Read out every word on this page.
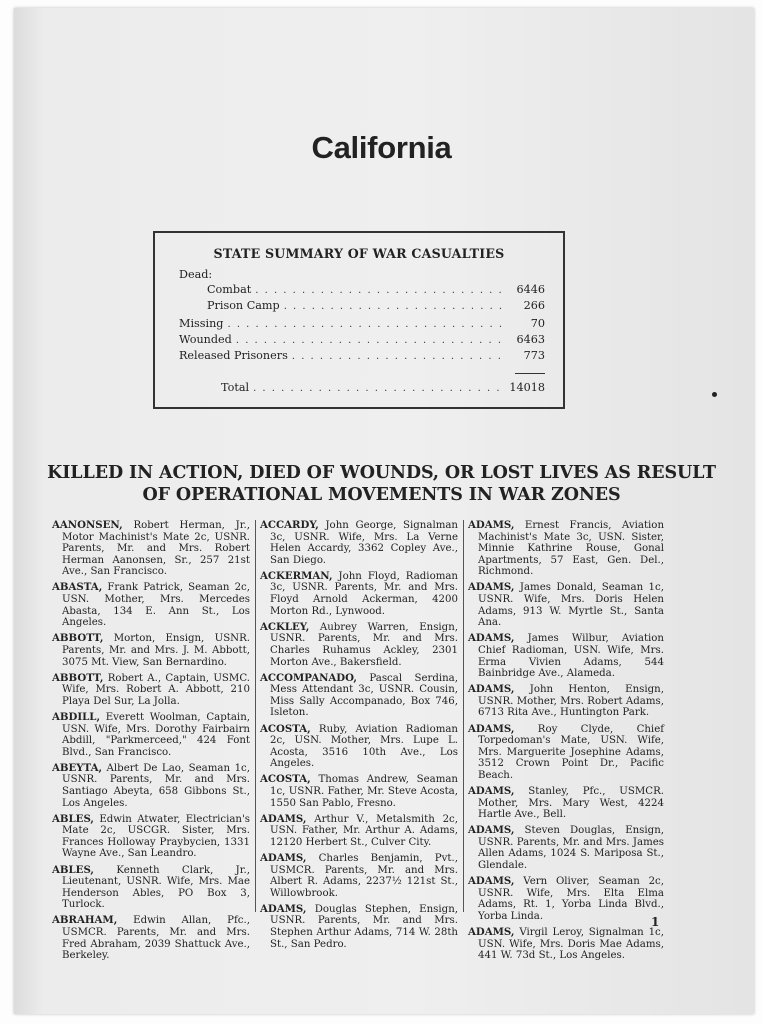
California
STATE SUMMARY OF WAR CASUALTIES
Dead:
Combat . . .	6446
Prison Camp . . .	266
Missing . . .	70
Wounded . . .	6463
Released Prisoners . . .	773
Total . . .	14018
KILLED IN ACTION, DIED OF WOUNDS, OR LOST LIVES AS RESULT
OF OPERATIONAL MOVEMENTS IN WAR ZONES
AANONSEN, Robert Herman, Jr., Motor Machinist's Mate 2c, USNR. Parents, Mr. and Mrs. Robert Herman Aanonsen, Sr., 257 21st Ave., San Francisco.
ABASTA, Frank Patrick, Seaman 2c, USN. Mother, Mrs. Mercedes Abasta, 134 E. Ann St., Los Angeles.
ABBOTT, Morton, Ensign, USNR. Parents, Mr. and Mrs. J. M. Abbott, 3075 Mt. View, San Bernardino.
ABBOTT, Robert A., Captain, USMC. Wife, Mrs. Robert A. Abbott, 210 Playa Del Sur, La Jolla.
ABDILL, Everett Woolman, Captain, USN. Wife, Mrs. Dorothy Fairbairn Abdill, "Parkmerceed," 424 Font Blvd., San Francisco.
ABEYTA, Albert De Lao, Seaman 1c, USNR. Parents, Mr. and Mrs. Santiago Abeyta, 658 Gibbons St., Los Angeles.
ABLES, Edwin Atwater, Electrician's Mate 2c, USCGR. Sister, Mrs. Frances Holloway Praybycien, 1331 Wayne Ave., San Leandro.
ABLES, Kenneth Clark, Jr., Lieutenant, USNR. Wife, Mrs. Mae Henderson Ables, PO Box 3, Turlock.
ABRAHAM, Edwin Allan, Pfc., USMCR. Parents, Mr. and Mrs. Fred Abraham, 2039 Shattuck Ave., Berkeley.
ACCARDY, John George, Signalman 3c, USNR. Wife, Mrs. La Verne Helen Accardy, 3362 Copley Ave., San Diego.
ACKERMAN, John Floyd, Radioman 3c, USNR. Parents, Mr. and Mrs. Floyd Arnold Ackerman, 4200 Morton Rd., Lynwood.
ACKLEY, Aubrey Warren, Ensign, USNR. Parents, Mr. and Mrs. Charles Ruhamus Ackley, 2301 Morton Ave., Bakersfield.
ACCOMPANADO, Pascal Serdina, Mess Attendant 3c, USNR. Cousin, Miss Sally Accompanado, Box 746, Isleton.
ACOSTA, Ruby, Aviation Radioman 2c, USN. Mother, Mrs. Lupe L. Acosta, 3516 10th Ave., Los Angeles.
ACOSTA, Thomas Andrew, Seaman 1c, USNR. Father, Mr. Steve Acosta, 1550 San Pablo, Fresno.
ADAMS, Arthur V., Metalsmith 2c, USN. Father, Mr. Arthur A. Adams, 12120 Herbert St., Culver City.
ADAMS, Charles Benjamin, Pvt., USMCR. Parents, Mr. and Mrs. Albert R. Adams, 2237½ 121st St., Willowbrook.
ADAMS, Douglas Stephen, Ensign, USNR. Parents, Mr. and Mrs. Stephen Arthur Adams, 714 W. 28th St., San Pedro.
ADAMS, Ernest Francis, Aviation Machinist's Mate 3c, USN. Sister, Minnie Kathrine Rouse, Gonal Apartments, 57 East, Gen. Del., Richmond.
ADAMS, James Donald, Seaman 1c, USNR. Wife, Mrs. Doris Helen Adams, 913 W. Myrtle St., Santa Ana.
ADAMS, James Wilbur, Aviation Chief Radioman, USN. Wife, Mrs. Erma Vivien Adams, 544 Bainbridge Ave., Alameda.
ADAMS, John Henton, Ensign, USNR. Mother, Mrs. Robert Adams, 6713 Rita Ave., Huntington Park.
ADAMS, Roy Clyde, Chief Torpedoman's Mate, USN. Wife, Mrs. Marguerite Josephine Adams, 3512 Crown Point Dr., Pacific Beach.
ADAMS, Stanley, Pfc., USMCR. Mother, Mrs. Mary West, 4224 Hartle Ave., Bell.
ADAMS, Steven Douglas, Ensign, USNR. Parents, Mr. and Mrs. James Allen Adams, 1024 S. Mariposa St., Glendale.
ADAMS, Vern Oliver, Seaman 2c, USNR. Wife, Mrs. Elta Elma Adams, Rt. 1, Yorba Linda Blvd., Yorba Linda.
ADAMS, Virgil Leroy, Signalman 1c, USN. Wife, Mrs. Doris Mae Adams, 441 W. 73d St., Los Angeles.
1
